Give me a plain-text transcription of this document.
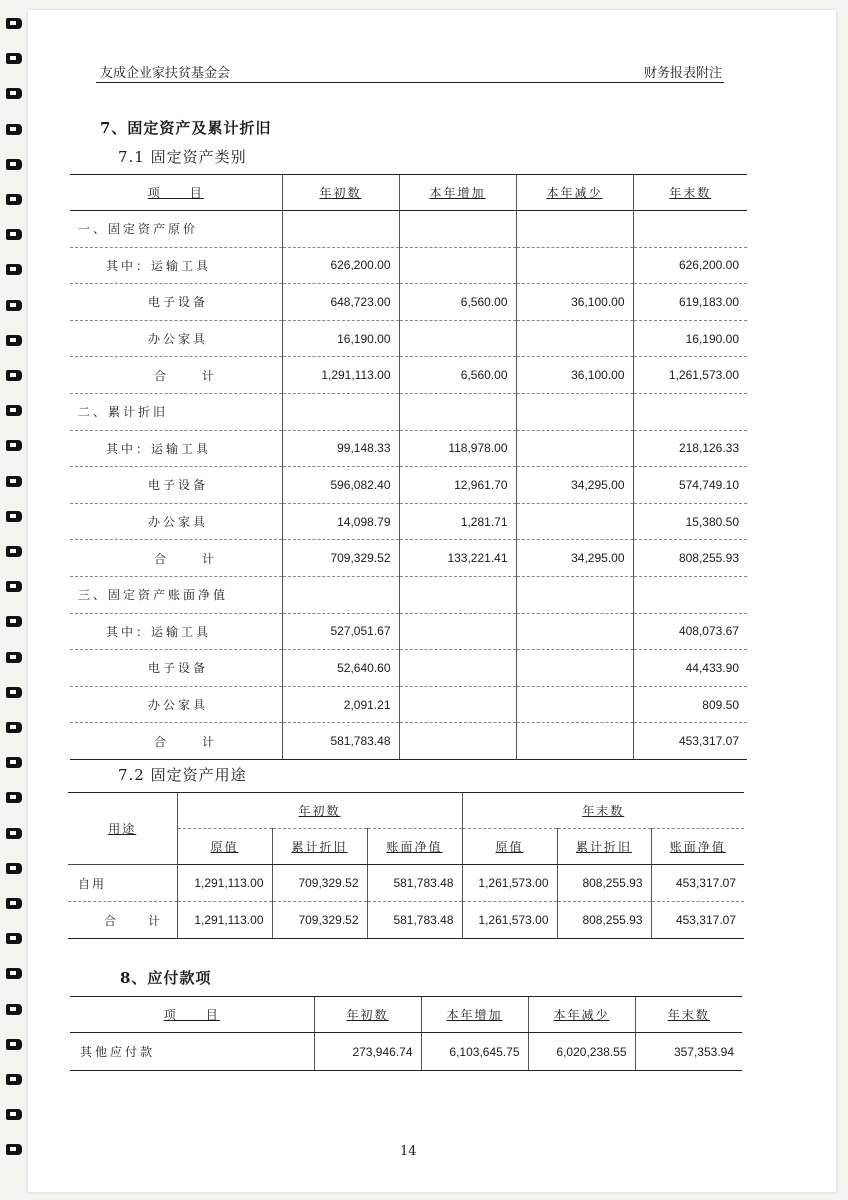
友成企业家扶贫基金会	财务报表附注
7、固定资产及累计折旧
7.1 固定资产类别
项　　目	年初数	本年增加	本年减少	年末数
一、固定资产原价				
其中：运输工具	626,200.00			626,200.00
电子设备	648,723.00	6,560.00	36,100.00	619,183.00
办公家具	16,190.00			16,190.00
合　计	1,291,113.00	6,560.00	36,100.00	1,261,573.00
二、累计折旧				
其中：运输工具	99,148.33	118,978.00		218,126.33
电子设备	596,082.40	12,961.70	34,295.00	574,749.10
办公家具	14,098.79	1,281.71		15,380.50
合　计	709,329.52	133,221.41	34,295.00	808,255.93
三、固定资产账面净值				
其中：运输工具	527,051.67			408,073.67
电子设备	52,640.60			44,433.90
办公家具	2,091.21			809.50
合　计	581,783.48			453,317.07
7.2 固定资产用途
用途	年初数			年末数		
	原值	累计折旧	账面净值	原值	累计折旧	账面净值
自用	1,291,113.00	709,329.52	581,783.48	1,261,573.00	808,255.93	453,317.07
合　计	1,291,113.00	709,329.52	581,783.48	1,261,573.00	808,255.93	453,317.07
8、应付款项
项　　目	年初数	本年增加	本年减少	年末数
其他应付款	273,946.74	6,103,645.75	6,020,238.55	357,353.94
14
